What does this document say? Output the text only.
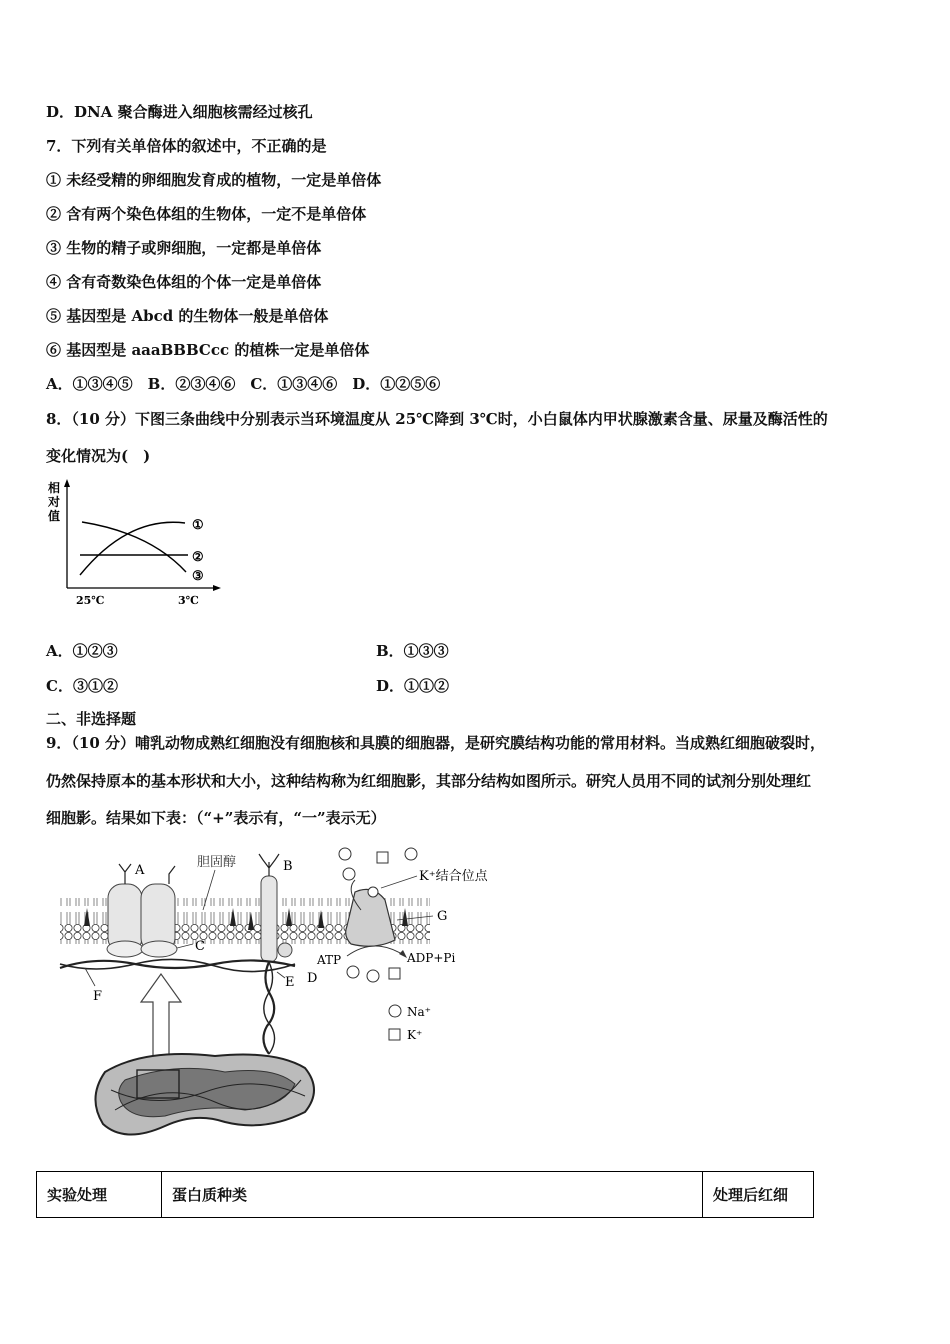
D．DNA 聚合酶进入细胞核需经过核孔
7．下列有关单倍体的叙述中，不正确的是
① 未经受精的卵细胞发育成的植物，一定是单倍体
② 含有两个染色体组的生物体，一定不是单倍体
③ 生物的精子或卵细胞，一定都是单倍体
④ 含有奇数染色体组的个体一定是单倍体
⑤ 基因型是 Abcd 的生物体一般是单倍体
⑥ 基因型是 aaaBBBCcc 的植株一定是单倍体
A．①③④⑤　B．②③④⑥　C．①③④⑥　D．①②⑤⑥
8．（10 分）下图三条曲线中分别表示当环境温度从 25℃降到 3℃时，小白鼠体内甲状腺激素含量、尿量及酶活性的
变化情况为(　)
相
对
值
①
②
③
25℃	3℃
A．①②③	B．①③③
C．③①②	D．①①②
二、非选择题
9．（10 分）哺乳动物成熟红细胞没有细胞核和具膜的细胞器，是研究膜结构功能的常用材料。当成熟红细胞破裂时，
仍然保持原本的基本形状和大小，这种结构称为红细胞影，其部分结构如图所示。研究人员用不同的试剂分别处理红
细胞影。结果如下表：（“+”表示有，“一”表示无）
A
C
胆固醇	B
D
G
K⁺结合位点
ATP	ADP+Pi
F
E
Na⁺
K⁺
实验处理	蛋白质种类	处理后红细
